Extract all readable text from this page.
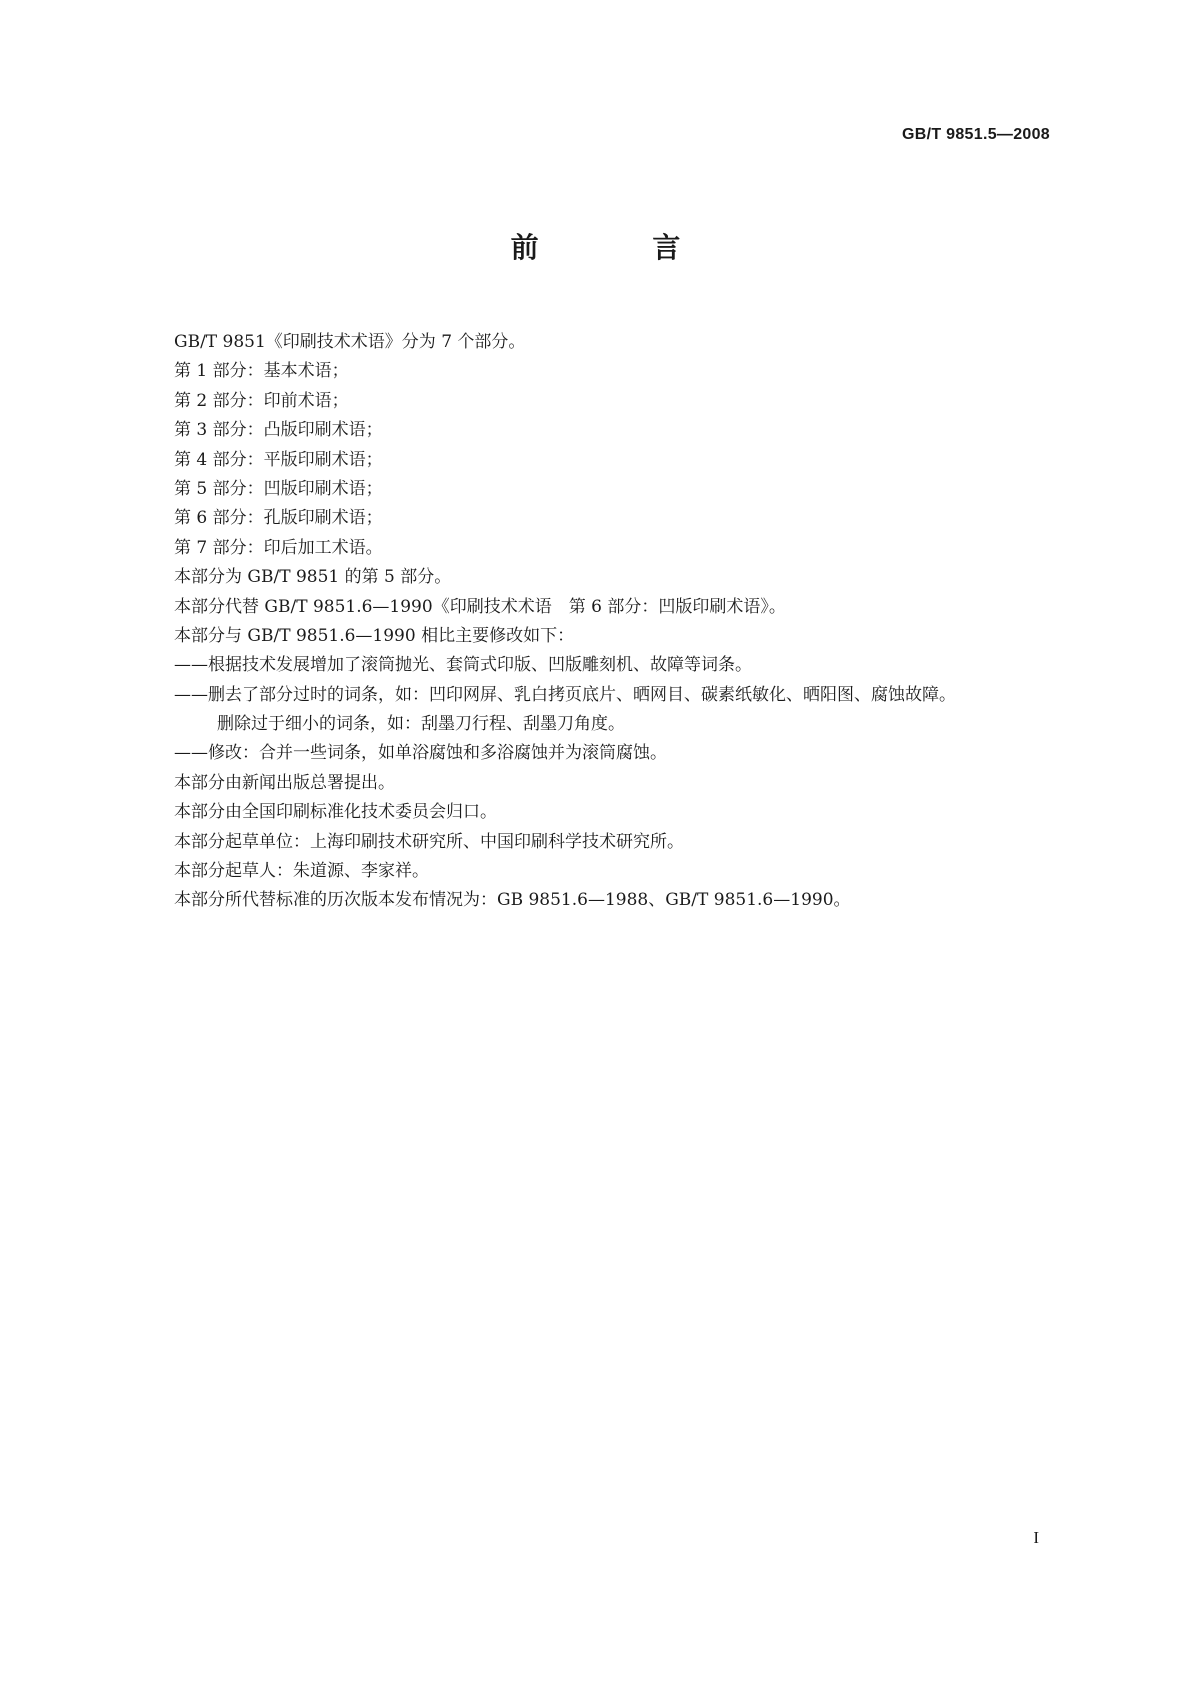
GB/T 9851.5—2008
前 言
GB/T 9851《印刷技术术语》分为 7 个部分。
第 1 部分：基本术语；
第 2 部分：印前术语；
第 3 部分：凸版印刷术语；
第 4 部分：平版印刷术语；
第 5 部分：凹版印刷术语；
第 6 部分：孔版印刷术语；
第 7 部分：印后加工术语。
本部分为 GB/T 9851 的第 5 部分。
本部分代替 GB/T 9851.6—1990《印刷技术术语　第 6 部分：凹版印刷术语》。
本部分与 GB/T 9851.6—1990 相比主要修改如下：
——根据技术发展增加了滚筒抛光、套筒式印版、凹版雕刻机、故障等词条。
——删去了部分过时的词条，如：凹印网屏、乳白拷页底片、晒网目、碳素纸敏化、晒阳图、腐蚀故障。
删除过于细小的词条，如：刮墨刀行程、刮墨刀角度。
——修改：合并一些词条，如单浴腐蚀和多浴腐蚀并为滚筒腐蚀。
本部分由新闻出版总署提出。
本部分由全国印刷标准化技术委员会归口。
本部分起草单位：上海印刷技术研究所、中国印刷科学技术研究所。
本部分起草人：朱道源、李家祥。
本部分所代替标准的历次版本发布情况为：GB 9851.6—1988、GB/T 9851.6—1990。
I
